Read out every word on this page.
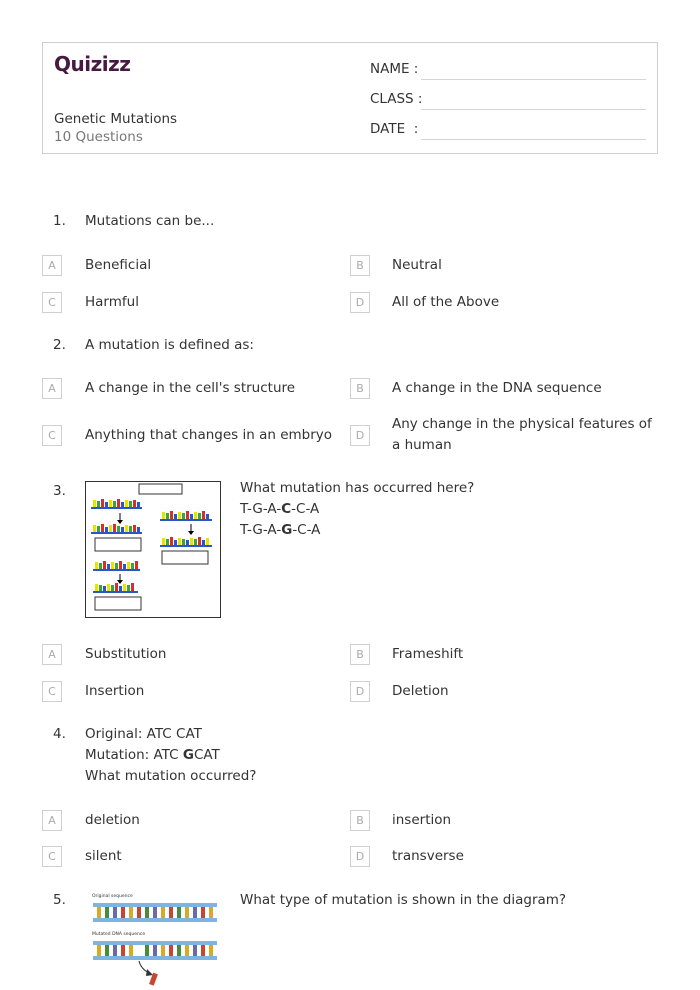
Quizizz
Genetic Mutations
10 Questions
NAME :
CLASS :
DATE  :
1. Mutations can be...
A	Beneficial	B	Neutral
C	Harmful	D	All of the Above
2. A mutation is defined as:
A	A change in the cell's structure	B	A change in the DNA sequence
C	Anything that changes in an embryo	D
Any change in the physical features of a human
3.	What mutation has occurred here?
T-G-A-C-C-A
T-G-A-G-C-A
A	Substitution	B	Frameshift
C	Insertion	D	Deletion
4. Original: ATC CAT
Mutation: ATC GCAT
What mutation occurred?
A	deletion	B	insertion
C	silent	D	transverse
5.	Original sequence
Mutated DNA sequence
What type of mutation is shown in the diagram?
